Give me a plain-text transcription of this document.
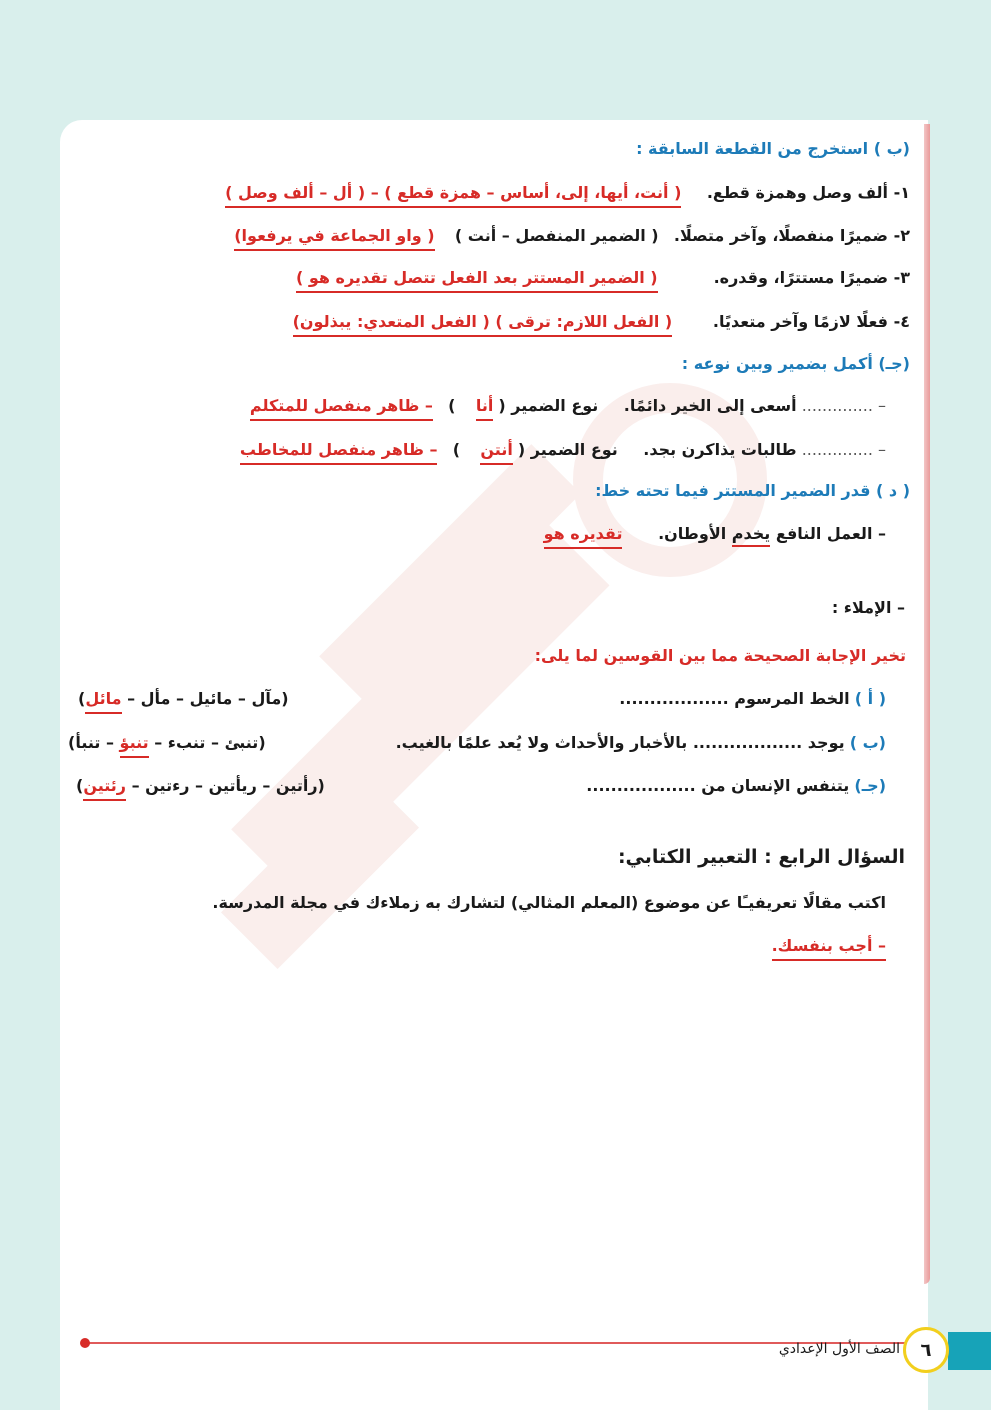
(ب ) استخرج من القطعة السابقة :
١- ألف وصل وهمزة قطع.     ( أنت، أيها، إلى، أساس – همزة قطع ) – ( أل – ألف وصل )
٢- ضميرًا منفصلًا، وآخر متصلًا.   ( الضمير المنفصل – أنت )    ( واو الجماعة في يرفعوا)
٣- ضميرًا مستترًا، وقدره.           ( الضمير المستتر بعد الفعل تتصل تقديره هو )
٤- فعلًا لازمًا وآخر متعديًا.        ( الفعل اللازم: ترقى ) ( الفعل المتعدي: يبذلون)
(جـ) أكمل بضمير وبين نوعه :
– .............. أسعى إلى الخير دائمًا.     نوع الضمير ( أنا    )   – ظاهر منفصل للمتكلم
– .............. طالبات يذاكرن بجد.     نوع الضمير ( أنتن    )   – ظاهر منفصل للمخاطب
( د ) قدر الضمير المستتر فيما تحته خط:
– العمل النافع يخدم الأوطان.       تقديره هو
– الإملاء :
تخير الإجابة الصحيحة مما بين القوسين لما يلى:
( أ ) الخط المرسوم ..................
(مآل – مائيل – مأل – مائل)
(ب ) يوجد .................. بالأخبار والأحداث ولا يُعد علمًا بالغيب.
(تنبئ – تنبء – تنبؤ – تنبأ)
(جـ) يتنفس الإنسان من ..................
(رأتين – ريأتين – رءتين – رئتين)
السؤال الرابع : التعبير الكتابي:
اكتب مقالًا تعريفيـًا عن موضوع (المعلم المثالي) لتشارك به زملاءك في مجلة المدرسة.
– أجب بنفسك.
٦
الصف الأول الإعدادي
